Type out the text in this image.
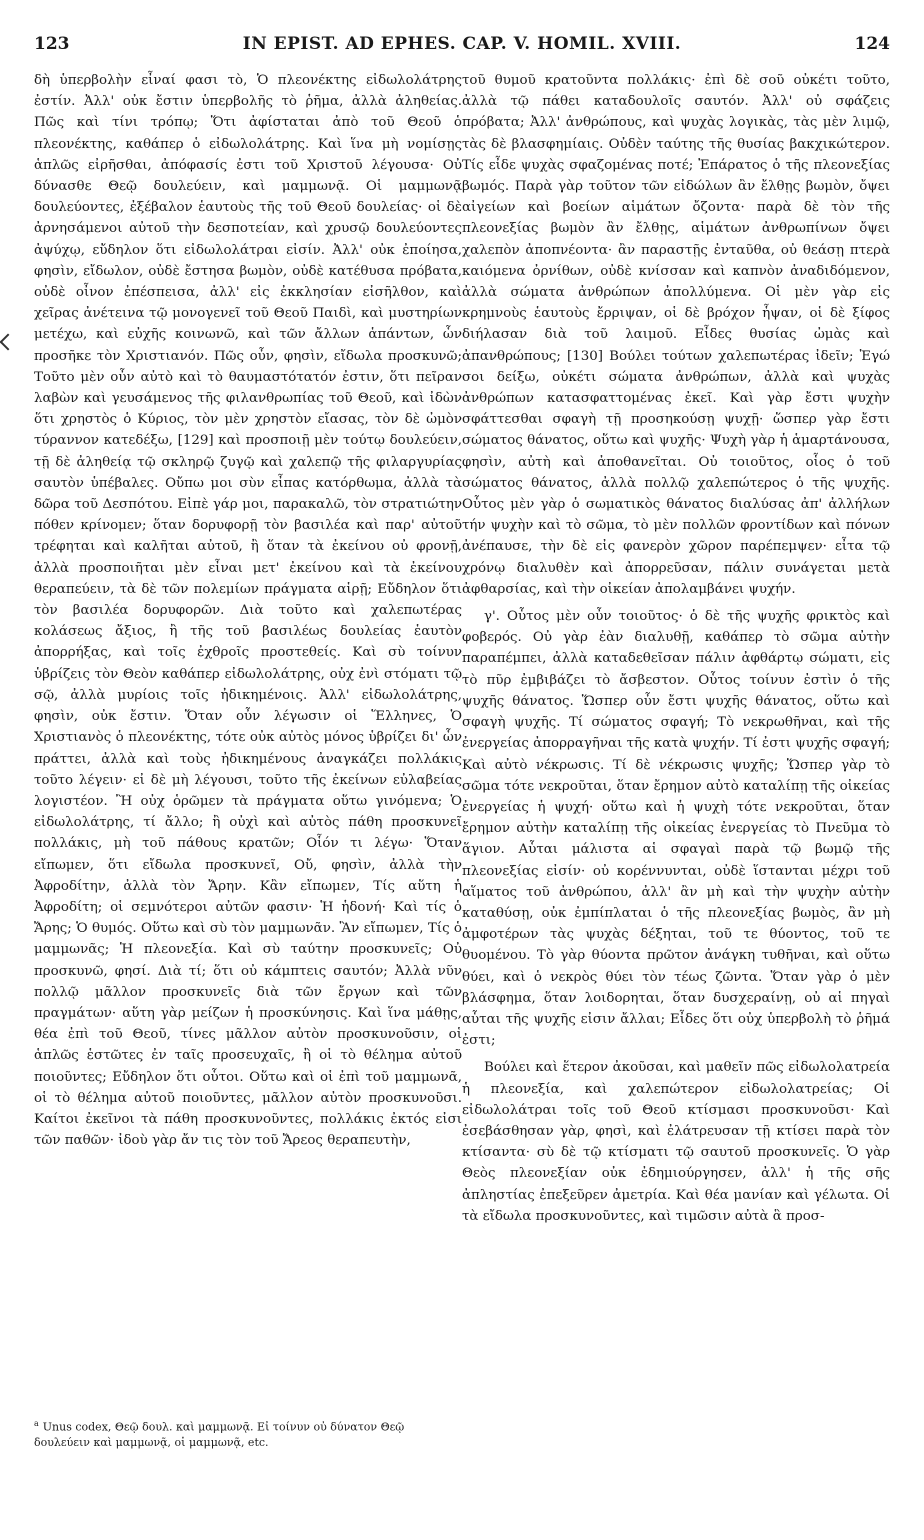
123	IN EPIST. AD EPHES. CAP. V. HOMIL. XVIII.	124

δὴ ὑπερβολὴν εἶναί φασι τὸ, Ὁ πλεονέκτης εἰδωλολάτρης ἐστίν. Ἀλλ' οὐκ ἔστιν ὑπερβολῆς τὸ ῥῆμα, ἀλλὰ ἀληθείας. Πῶς καὶ τίνι τρόπῳ; Ὅτι ἀφίσταται ἀπὸ τοῦ Θεοῦ ὁ πλεονέκτης, καθάπερ ὁ εἰδωλολάτρης. Καὶ ἵνα μὴ νομίσῃς ἁπλῶς εἰρῆσθαι, ἀπόφασίς ἐστι τοῦ Χριστοῦ λέγουσα· Οὐ δύνασθε Θεῷ δουλεύειν, καὶ μαμμωνᾷ. Οἱ μαμμωνᾷ δουλεύοντες, ἐξέβαλον ἑαυτοὺς τῆς τοῦ Θεοῦ δουλείας· οἱ δὲ ἀρνησάμενοι αὐτοῦ τὴν δεσποτείαν, καὶ χρυσῷ δουλεύοντες ἀψύχῳ, εὔδηλον ὅτι εἰδωλολάτραι εἰσίν. Ἀλλ' οὐκ ἐποίησα, φησὶν, εἴδωλον, οὐδὲ ἔστησα βωμὸν, οὐδὲ κατέθυσα πρόβατα, οὐδὲ οἶνον ἐπέσπεισα, ἀλλ' εἰς ἐκκλησίαν εἰσῆλθον, καὶ χεῖρας ἀνέτεινα τῷ μονογενεῖ τοῦ Θεοῦ Παιδὶ, καὶ μυστηρίων μετέχω, καὶ εὐχῆς κοινωνῶ, καὶ τῶν ἄλλων ἁπάντων, ὧν προσῆκε τὸν Χριστιανόν. Πῶς οὖν, φησὶν, εἴδωλα προσκυνῶ; Τοῦτο μὲν οὖν αὐτὸ καὶ τὸ θαυμαστότατόν ἐστιν, ὅτι πεῖραν λαβὼν καὶ γευσάμενος τῆς φιλανθρωπίας τοῦ Θεοῦ, καὶ ἰδὼν ὅτι χρηστὸς ὁ Κύριος, τὸν μὲν χρηστὸν εἴασας, τὸν δὲ ὠμὸν τύραννον κατεδέξω, [129] καὶ προσποιῇ μὲν τούτῳ δουλεύειν, τῇ δὲ ἀληθείᾳ τῷ σκληρῷ ζυγῷ καὶ χαλεπῷ τῆς φιλαργυρίας σαυτὸν ὑπέβαλες. Οὔπω μοι σὺν εἶπας κατόρθωμα, ἀλλὰ τὰ δῶρα τοῦ Δεσπότου. Εἰπὲ γάρ μοι, παρακαλῶ, τὸν στρατιώτην πόθεν κρίνομεν; ὅταν δορυφορῇ τὸν βασιλέα καὶ παρ' αὐτοῦ τρέφηται καὶ καλῆται αὐτοῦ, ἢ ὅταν τὰ ἐκείνου οὐ φρονῇ, ἀλλὰ προσποιῆται μὲν εἶναι μετ' ἐκείνου καὶ τὰ ἐκείνου θεραπεύειν, τὰ δὲ τῶν πολεμίων πράγματα αἱρῇ; Εὔδηλον ὅτι τὸν βασιλέα δορυφορῶν. Διὰ τοῦτο καὶ χαλεπωτέρας κολάσεως ἄξιος, ἢ τῆς τοῦ βασιλέως δουλείας ἑαυτὸν ἀπορρήξας, καὶ τοῖς ἐχθροῖς προστεθείς. Καὶ σὺ τοίνυν ὑβρίζεις τὸν Θεὸν καθάπερ εἰδωλολάτρης, οὐχ ἐνὶ στόματι τῷ σῷ, ἀλλὰ μυρίοις τοῖς ἠδικημένοις. Ἀλλ' εἰδωλολάτρης, φησὶν, οὐκ ἔστιν. Ὅταν οὖν λέγωσιν οἱ Ἕλληνες, Ὁ Χριστιανὸς ὁ πλεονέκτης, τότε οὐκ αὐτὸς μόνος ὑβρίζει δι' ὧν πράττει, ἀλλὰ καὶ τοὺς ἠδικημένους ἀναγκάζει πολλάκις τοῦτο λέγειν· εἰ δὲ μὴ λέγουσι, τοῦτο τῆς ἐκείνων εὐλαβείας λογιστέον. Ἢ οὐχ ὁρῶμεν τὰ πράγματα οὕτω γινόμενα; Ὁ εἰδωλολάτρης, τί ἄλλο; ἢ οὐχὶ καὶ αὐτὸς πάθη προσκυνεῖ πολλάκις, μὴ τοῦ πάθους κρατῶν; Οἷόν τι λέγω· Ὅταν εἴπωμεν, ὅτι εἴδωλα προσκυνεῖ, Οὔ, φησὶν, ἀλλὰ τὴν Ἀφροδίτην, ἀλλὰ τὸν Ἄρην. Κἂν εἴπωμεν, Τίς αὕτη ἡ Ἀφροδίτη; οἱ σεμνότεροι αὐτῶν φασιν· Ἡ ἡδονή· Καὶ τίς ὁ Ἄρης; Ὁ θυμός. Οὕτω καὶ σὺ τὸν μαμμωνᾶν. Ἂν εἴπωμεν, Τίς ὁ μαμμωνᾶς; Ἡ πλεονεξία. Καὶ σὺ ταύτην προσκυνεῖς; Οὐ προσκυνῶ, φησί. Διὰ τί; ὅτι οὐ κάμπτεις σαυτόν; Ἀλλὰ νῦν πολλῷ μᾶλλον προσκυνεῖς διὰ τῶν ἔργων καὶ τῶν πραγμάτων· αὕτη γὰρ μείζων ἡ προσκύνησις. Καὶ ἵνα μάθῃς, θέα ἐπὶ τοῦ Θεοῦ, τίνες μᾶλλον αὐτὸν προσκυνοῦσιν, οἱ ἁπλῶς ἑστῶτες ἐν ταῖς προσευχαῖς, ἢ οἱ τὸ θέλημα αὐτοῦ ποιοῦντες; Εὔδηλον ὅτι οὗτοι. Οὕτω καὶ οἱ ἐπὶ τοῦ μαμμωνᾶ, οἱ τὸ θέλημα αὐτοῦ ποιοῦντες, μᾶλλον αὐτὸν προσκυνοῦσι. Καίτοι ἐκεῖνοι τὰ πάθη προσκυνοῦντες, πολλάκις ἐκτός εἰσι τῶν παθῶν· ἰδοὺ γὰρ ἄν τις τὸν τοῦ Ἄρεος θεραπευτὴν,

τοῦ θυμοῦ κρατοῦντα πολλάκις· ἐπὶ δὲ σοῦ οὐκέτι τοῦτο, ἀλλὰ τῷ πάθει καταδουλοῖς σαυτόν. Ἀλλ' οὐ σφάζεις πρόβατα; Ἀλλ' ἀνθρώπους, καὶ ψυχὰς λογικὰς, τὰς μὲν λιμῷ, τὰς δὲ βλασφημίαις. Οὐδὲν ταύτης τῆς θυσίας βακχικώτερον. Τίς εἶδε ψυχὰς σφαζομένας ποτέ; Ἐπάρατος ὁ τῆς πλεονεξίας βωμός. Παρὰ γὰρ τοῦτον τῶν εἰδώλων ἂν ἔλθῃς βωμὸν, ὄψει αἰγείων καὶ βοείων αἱμάτων ὄζοντα· παρὰ δὲ τὸν τῆς πλεονεξίας βωμὸν ἂν ἔλθῃς, αἱμάτων ἀνθρωπίνων ὄψει χαλεπὸν ἀποπνέοντα· ἂν παραστῇς ἐνταῦθα, οὐ θεάσῃ πτερὰ καιόμενα ὀρνίθων, οὐδὲ κνίσσαν καὶ καπνὸν ἀναδιδόμενον, ἀλλὰ σώματα ἀνθρώπων ἀπολλύμενα. Οἱ μὲν γὰρ εἰς κρημνοὺς ἑαυτοὺς ἔρριψαν, οἱ δὲ βρόχον ἧψαν, οἱ δὲ ξίφος διήλασαν διὰ τοῦ λαιμοῦ. Εἶδες θυσίας ὠμὰς καὶ ἀπανθρώπους; [130] Βούλει τούτων χαλεπωτέρας ἰδεῖν; Ἐγώ σοι δείξω, οὐκέτι σώματα ἀνθρώπων, ἀλλὰ καὶ ψυχὰς ἀνθρώπων κατασφαττομένας ἐκεῖ. Καὶ γὰρ ἔστι ψυχὴν σφάττεσθαι σφαγὴ τῇ προσηκούσῃ ψυχῇ· ὥσπερ γὰρ ἔστι σώματος θάνατος, οὕτω καὶ ψυχῆς· Ψυχὴ γὰρ ἡ ἁμαρτάνουσα, φησὶν, αὐτὴ καὶ ἀποθανεῖται. Οὐ τοιοῦτος, οἷος ὁ τοῦ σώματος θάνατος, ἀλλὰ πολλῷ χαλεπώτερος ὁ τῆς ψυχῆς. Οὗτος μὲν γὰρ ὁ σωματικὸς θάνατος διαλύσας ἀπ' ἀλλήλων τήν ψυχὴν καὶ τὸ σῶμα, τὸ μὲν πολλῶν φροντίδων καὶ πόνων ἀνέπαυσε, τὴν δὲ εἰς φανερὸν χῶρον παρέπεμψεν· εἶτα τῷ χρόνῳ διαλυθὲν καὶ ἀπορρεῦσαν, πάλιν συνάγεται μετὰ ἀφθαρσίας, καὶ τὴν οἰκείαν ἀπολαμβάνει ψυχήν.

γ'. Οὗτος μὲν οὖν τοιοῦτος· ὁ δὲ τῆς ψυχῆς φρικτὸς καὶ φοβερός. Οὐ γὰρ ἐὰν διαλυθῇ, καθάπερ τὸ σῶμα αὐτὴν παραπέμπει, ἀλλὰ καταδεθεῖσαν πάλιν ἀφθάρτῳ σώματι, εἰς τὸ πῦρ ἐμβιβάζει τὸ ἄσβεστον. Οὗτος τοίνυν ἐστὶν ὁ τῆς ψυχῆς θάνατος. Ὥσπερ οὖν ἔστι ψυχῆς θάνατος, οὕτω καὶ σφαγὴ ψυχῆς. Τί σώματος σφαγή; Τὸ νεκρωθῆναι, καὶ τῆς ἐνεργείας ἀπορραγῆναι τῆς κατὰ ψυχήν. Τί ἐστι ψυχῆς σφαγή; Καὶ αὐτὸ νέκρωσις. Τί δὲ νέκρωσις ψυχῆς; Ὥσπερ γὰρ τὸ σῶμα τότε νεκροῦται, ὅταν ἔρημον αὐτὸ καταλίπῃ τῆς οἰκείας ἐνεργείας ἡ ψυχή· οὕτω καὶ ἡ ψυχὴ τότε νεκροῦται, ὅταν ἔρημον αὐτὴν καταλίπῃ τῆς οἰκείας ἐνεργείας τὸ Πνεῦμα τὸ ἅγιον. Αὗται μάλιστα αἱ σφαγαὶ παρὰ τῷ βωμῷ τῆς πλεονεξίας εἰσίν· οὐ κορέννυνται, οὐδὲ ἵστανται μέχρι τοῦ αἵματος τοῦ ἀνθρώπου, ἀλλ' ἂν μὴ καὶ τὴν ψυχὴν αὐτὴν καταθύσῃ, οὐκ ἐμπίπλαται ὁ τῆς πλεονεξίας βωμὸς, ἂν μὴ ἀμφοτέρων τὰς ψυχὰς δέξηται, τοῦ τε θύοντος, τοῦ τε θυομένου. Τὸ γὰρ θύοντα πρῶτον ἀνάγκη τυθῆναι, καὶ οὕτω θύει, καὶ ὁ νεκρὸς θύει τὸν τέως ζῶντα. Ὅταν γὰρ ὁ μὲν βλάσφημα, ὅταν λοιδορηται, ὅταν δυσχεραίνῃ, οὐ αἱ πηγαὶ αὗται τῆς ψυχῆς εἰσιν ἄλλαι; Εἶδες ὅτι οὐχ ὑπερβολὴ τὸ ῥῆμά ἐστι;

Βούλει καὶ ἕτερον ἀκοῦσαι, καὶ μαθεῖν πῶς εἰδωλολατρεία ἡ πλεονεξία, καὶ χαλεπώτερον εἰδωλολατρείας; Οἱ εἰδωλολάτραι τοῖς τοῦ Θεοῦ κτίσμασι προσκυνοῦσι· Καὶ ἐσεβάσθησαν γὰρ, φησὶ, καὶ ἐλάτρευσαν τῇ κτίσει παρὰ τὸν κτίσαντα· σὺ δὲ τῷ κτίσματι τῷ σαυτοῦ προσκυνεῖς. Ὁ γὰρ Θεὸς πλεονεξίαν οὐκ ἐδημιούργησεν, ἀλλ' ἡ τῆς σῆς ἀπληστίας ἐπεξεῦρεν ἀμετρία. Καὶ θέα μανίαν καὶ γέλωτα. Οἱ τὰ εἴδωλα προσκυνοῦντες, καὶ τιμῶσιν αὐτὰ ἃ προσ-

$^a$ Unus codex, Θεῷ δουλ. καὶ μαμμωνᾷ. Εἰ τοίνυν οὐ δύνατον Θεῷ δουλεύειν καὶ μαμμωνᾷ, οἱ μαμμωνᾷ, etc.
